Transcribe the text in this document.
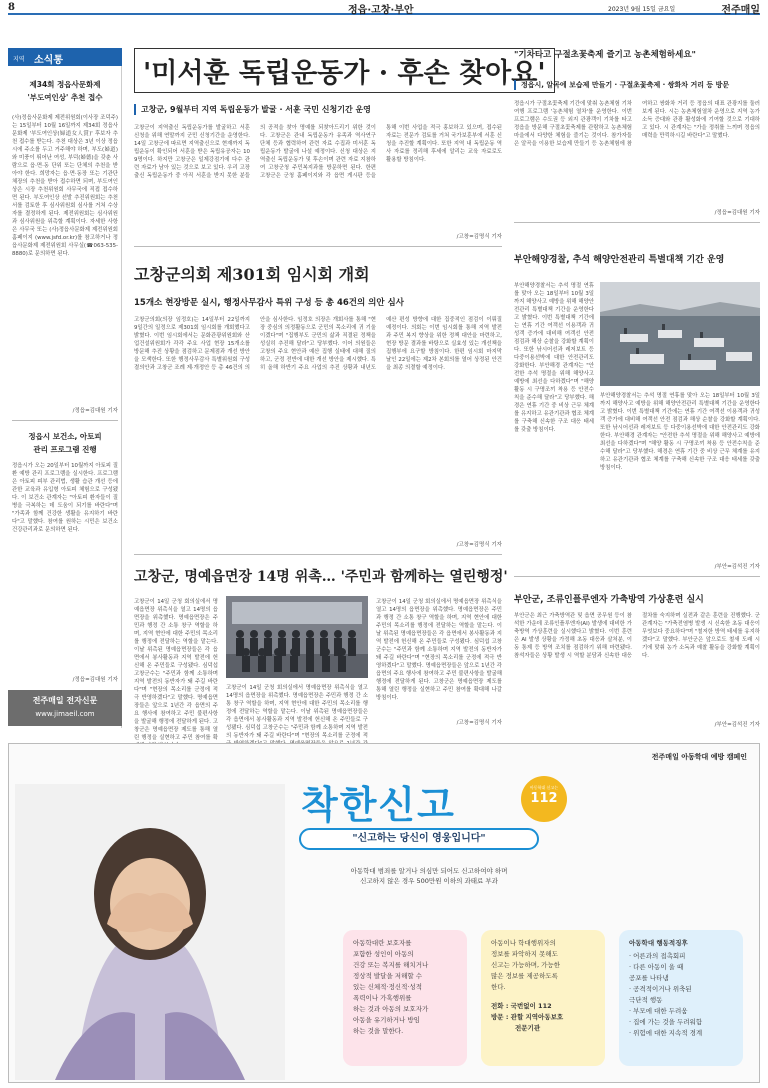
8	정읍·고창·부안	2023년 9월 15일 금요일	전주매일
지역 소식통
제34회 정읍사문화제
'부도여인상' 추천 접수
(사)정읍사문화제 제전위원회(이사장 조덕주)는 15일부터 10월 16일까지 제34회 정읍사문화제 '부도여인상(婦道女人賞)' 후보자 추천 접수를 받는다. 추천 대상은 3년 이상 정읍시에 주소를 두고 거주해야 하며, 부도(婦道)와 미풍이 뛰어난 여성, 부덕(婦德)을 갖춘 사람으로 읍·면·동 단위 또는 단체의 추천을 받아야 한다. 희망자는 읍·면·동장 또는 기관단체장의 추천을 받아 접수하면 되며, 부도여인상은 시장 추천위원회 사무국에 직접 접수하면 된다. 부도여인상 선발 추진위원회는 추천서를 검토한 후 심사위원회 심사를 거쳐 수상자를 결정하게 된다. 제전위원회는 심사위원과 심사위원을 위촉할 계획이다. 자세한 사항은 사무국 또는 (사)정읍사문화제 제전위원회 홈페이지 (www.jsfd.or.kr)를 참고하거나 정읍사문화제 제전위원회 사무실(☎063-535-8880)로 문의하면 된다.
/정읍=김대원 기자
정읍시 보건소, 아토피
관리 프로그램 진행
정읍시가 오는 20일부터 10월까지 아토피 질환 예방 관리 프로그램을 실시한다. 프로그램은 아토피 피부 관리법, 생활 습관 개선 등에 관한 교육과 유입형 아토피 체험으로 구성됐다. 이 보건소 관계자는 "아토피 환자들이 질병을 극복하는 데 도움이 되기를 바란다"며 "가족과 함께 건강한 생활을 유지하기 바란다"고 말했다. 참여를 원하는 시민은 보건소 건강관리과로 문의하면 된다.
/정읍=김대원 기자
전주매일 전자신문
www.jimaeil.com
'미서훈 독립운동가 · 후손 찾아요'
고창군, 9월부터 지역 독립운동가 발굴 · 서훈 국민 신청기간 운영
고창군이 지역출신 독립운동가를 발굴하고 서훈신청을 위해 연말까지 군민 신청기간을 운영한다. 14일 고창군에 따르면 지역출신으로 현재까지 독립운동이 확인되어 서훈을 받은 독립유공자는 109명이다. 하지만 고창군은 일제강점기에 다수 관련 자료가 남아 있는 것으로 보고 있다. 우리 고장 출신 독립운동가 중 아직 서훈을 받지 못한 분들의 공적을 찾아 명예를 되찾아드리기 위한 것이다. 고창군은 관내 독립운동가 유족과 역사연구 단체 등과 협력하여 관련 자료 수집과 미서훈 독립운동가 발굴에 나설 예정이다. 신청 대상은 지역출신 독립운동가 및 후손이며 관련 자료 지참하여 고창군청 주민복지과를 방문하면 된다. 한편 고창군은 군청 홈페이지와 각 읍면 게시판 등을 통해 이번 사업을 적극 홍보하고 있으며, 접수된 자료는 전문가 검토를 거쳐 국가보훈부에 서훈 신청을 추진할 계획이다. 또한 지역 내 독립운동 역사 자료를 정리해 후세에 알리는 교육 자료로도 활용할 방침이다.
/고창=김명식 기자
고창군의회 제301회 임시회 개회
15개소 현장방문 실시, 행정사무감사 특위 구성 등 총 46건의 의안 심사
고창군의회(의장 임정호)는 14일부터 22일까지 9일간의 일정으로 제301회 임시회를 개회했다고 밝혔다. 이번 임시회에서는 문화관광위원회와 산업건설위원회가 각각 주요 사업 현장 15개소를 방문해 추진 상황을 점검하고 문제점과 개선 방안을 모색한다. 또한 행정사무감사 특별위원회 구성 결의안과 고창군 조례 제·개정안 등 총 46건의 의안을 심사한다. 임정호 의장은 개회사를 통해 "현장 중심의 의정활동으로 군민의 목소리에 귀 기울이겠다"며 "집행부도 군민의 삶과 직결된 정책을 성실히 추진해 달라"고 당부했다. 이어 의원들은 고창의 주요 현안과 예산 집행 실태에 대해 질의하고, 군정 전반에 대한 개선 방안을 제시했다. 특히 올해 하반기 주요 사업의 추진 상황과 내년도 예산 편성 방향에 대한 집중적인 점검이 이뤄질 예정이다. 의회는 이번 임시회를 통해 지역 발전과 주민 복지 향상을 위한 정책 대안을 마련하고, 현장 방문 결과를 바탕으로 실효성 있는 개선책을 집행부에 요구할 방침이다. 한편 임시회 마지막 날인 22일에는 제2차 본회의를 열어 상정된 안건을 최종 의결할 예정이다.
/고창=김명식 기자
고창군, 명예읍면장 14명 위촉… '주민과 함께하는 열린행정'
고창군이 14일 군청 회의실에서 명예읍면장 위촉식을 열고 14명의 읍면장을 위촉했다. 명예읍면장은 주민과 행정 간 소통 창구 역할을 하며, 지역 현안에 대한 주민의 목소리를 행정에 전달하는 역할을 맡는다. 이날 위촉된 명예읍면장들은 각 읍면에서 봉사활동과 지역 발전에 헌신해 온 주민들로 구성됐다. 심덕섭 고창군수는 "주민과 함께 소통하며 지역 발전의 동반자가 돼 주길 바란다"며 "현장의 목소리를 군정에 적극 반영하겠다"고 말했다. 명예읍면장들은 앞으로 1년간 각 읍면의 주요 행사에 참여하고 주민 불편사항을 발굴해 행정에 전달하게 된다. 고창군은 명예읍면장 제도를 통해 열린 행정을 실현하고 주민 참여를 확
고창군이 14일 군청 회의실에서 명예읍면장 위촉식을 열고 14명의 읍면장을 위촉했다. 명예읍면장은 주민과 행정 간 소통 창구 역할을 하며, 지역 현안에 대한 주민의 목소리를 행정에 전달하는 역할을 맡는다. 이날 위촉된 명예읍면장들은 각 읍면에서 봉사활동과 지역 발전에 헌신해 온 주민들로 구성됐다. 심덕섭 고창군수는 "주민과 함께 소통하며 지역 발전의 동반자가 돼 주길 바란다"며 "현장의 목소리를 군정에 적
고창군이 14일 군청 회의실에서 명예읍면장 위촉식을 열고 14명의 읍면장을 위촉했다. 명예읍면장은 주민과 행정 간 소통 창구 역할을 하며, 지역 현안에 대한 주민의 목소리를 행정에 전달하는 역할을 맡는다. 이날 위촉된 명예읍면장들은 각 읍면에서 봉사활동과 지역 발전에 헌신해 온 주민들로 구성됐다. 심덕섭 고창군수는 "주민과 함께 소통하며 지역 발전의 동반자가 돼 주길 바란다"며 "현장의 목소리를 군정에 적극 반영하겠다"고 말했다. 명예읍면장들은 앞으로 1년간 각 읍면의 주요 행사에 참여하고 주민 불편사항을 발굴해 행정에 전달하게 된다. 고창군은 명예읍면장 제도를 통해 열린 행정을 실현하고 주민 참여를 확대해 나갈 방침이다.
/고창=김명식 기자
"기차타고 구절초꽃축제 즐기고 농촌체험하세요"
정읍시, 알곡에 보습제 만들기 · 구절초꽃축제 · 쌍화차 거리 등 방문
정읍시가 구절초꽃축제 기간에 맞춰 농촌체험 기차여행 프로그램 '농촌체험 열차'를 운영한다. 이번 프로그램은 수도권 등 외지 관광객이 기차를 타고 정읍을 방문해 구절초꽃축제를 관람하고 농촌체험마을에서 다양한 체험을 즐기는 것이다. 참가자들은 알곡을 이용한 보습제 만들기 등 농촌체험에 참여하고 쌍화차 거리 등 정읍의 대표 관광지를 둘러보게 된다. 시는 농촌체험열차 운영으로 지역 농가 소득 증대와 관광 활성화에 기여할 것으로 기대하고 있다. 시 관계자는 "가을 정취를 느끼며 정읍의 매력을 만끽하시길 바란다"고 말했다.
/정읍=김대원 기자
부안해양경찰, 추석 해양안전관리 특별대책 기간 운영
부안해양경찰서는 추석 명절 연휴를 맞아 오는 18일부터 10월 3일까지 해양사고 예방을 위해 해양안전관리 특별대책 기간을 운영한다고 밝혔다. 이번 특별대책 기간에는 연휴 기간 여객선 이용객과 귀성객 증가에 대비해 여객선 안전 점검과 해상 순찰을 강화할 계획이다. 또한 낚시어선과 레저보트 등 다중이용선박에 대한 안전관리도 강화한다. 부안해경 관계자는 "안전한 추석 명절을 위해 해양사고 예방에 최선을 다하겠다"며 "해양 활동 시 구명조끼 착용 등 안전수칙을 준수해 달라"고 당부했다. 해경은 연휴 기간 중 비상 근무 체계를 유지하고 유관기관과 협조 체계를 구축해 신속한 구조 대응 태세를 갖출 방침이다.
부안해양경찰서는 추석 명절 연휴를 맞아 오는 18일부터 10월 3일까지 해양사고 예방을 위해 해양안전관리 특별대책 기간을 운영한다고 밝혔다. 이번 특별대책 기간에는 연휴 기간 여객선 이용객과 귀성객 증가에 대비해 여객선 안전 점검과 해상 순찰을 강화할 계획이다. 또한 낚시어선과 레저보트 등 다중이용선박에 대한 안전관리도 강화한다. 부안해경 관계자는 "안전한 추석 명절을 위해 해양사고 예방에 최선을 다하겠다"며 "해양 활동 시 구명조끼 착용 등 안전수칙을 준수해 달라"고 당부했다. 해경은 연휴 기간 중 비상 근무 체계를 유지하고 유관기관과 협조 체계를 구축해 신속한 구조 대응 태세를 갖출 방침이다.
/부안=김석진 기자
부안군, 조류인플루엔자 가축방역 가상훈련 실시
부안군은 최근 가축방역관 및 읍면 공무원 등이 참석한 가운데 조류인플루엔자(AI) 발생에 대비한 가축방역 가상훈련을 실시했다고 밝혔다. 이번 훈련은 AI 발생 상황을 가정해 초동 대응과 살처분, 이동 통제 등 방역 조치를 점검하기 위해 마련됐다. 참석자들은 상황 발생 시 역할 분담과 신속한 대응 절차를 숙지하며 실전과 같은 훈련을 진행했다. 군 관계자는 "가축전염병 발생 시 신속한 초동 대응이 무엇보다 중요하다"며 "철저한 방역 태세를 유지하겠다"고 말했다. 부안군은 앞으로도 철새 도래 시기에 맞춰 농가 소독과 예찰 활동을 강화할 계획이다.
/부안=김석진 기자
전주매일 아동학대 예방 캠페인
착한신고	아동학대 신고는
112
"신고하는 당신이 영웅입니다"
아동학대 범죄를 알거나 의심만 되어도 신고하여야 하며
신고하지 않은 경우 500만원 이하의 과태료 부과
아동학대란 보호자를
포함한 성인이 아동의
건강 또는 복지를 해치거나
정상적 발달을 저해할 수
있는 신체적·정신적·성적
폭력이나 가혹행위를
하는 것과 아동의 보호자가
아동을 유기하거나 방임
하는 것을 말한다.
아동이나 학대행위자의
정보를 파악하지 못해도
신고는 가능하며, 가능한
많은 정보를 제공하도록
한다.
전화 : 국번없이 112
방문 : 관할 지역아동보호
전문기관
아동학대 행동적징후
· 어른과의 접촉회피
· 다른 아동이 울 때
공포를 나타냄
· 공격적이거나 위축된
극단적 행동
· 부모에 대한 두려움
· 집에 가는 것을 두려워함
· 위험에 대한 지속적 경계
